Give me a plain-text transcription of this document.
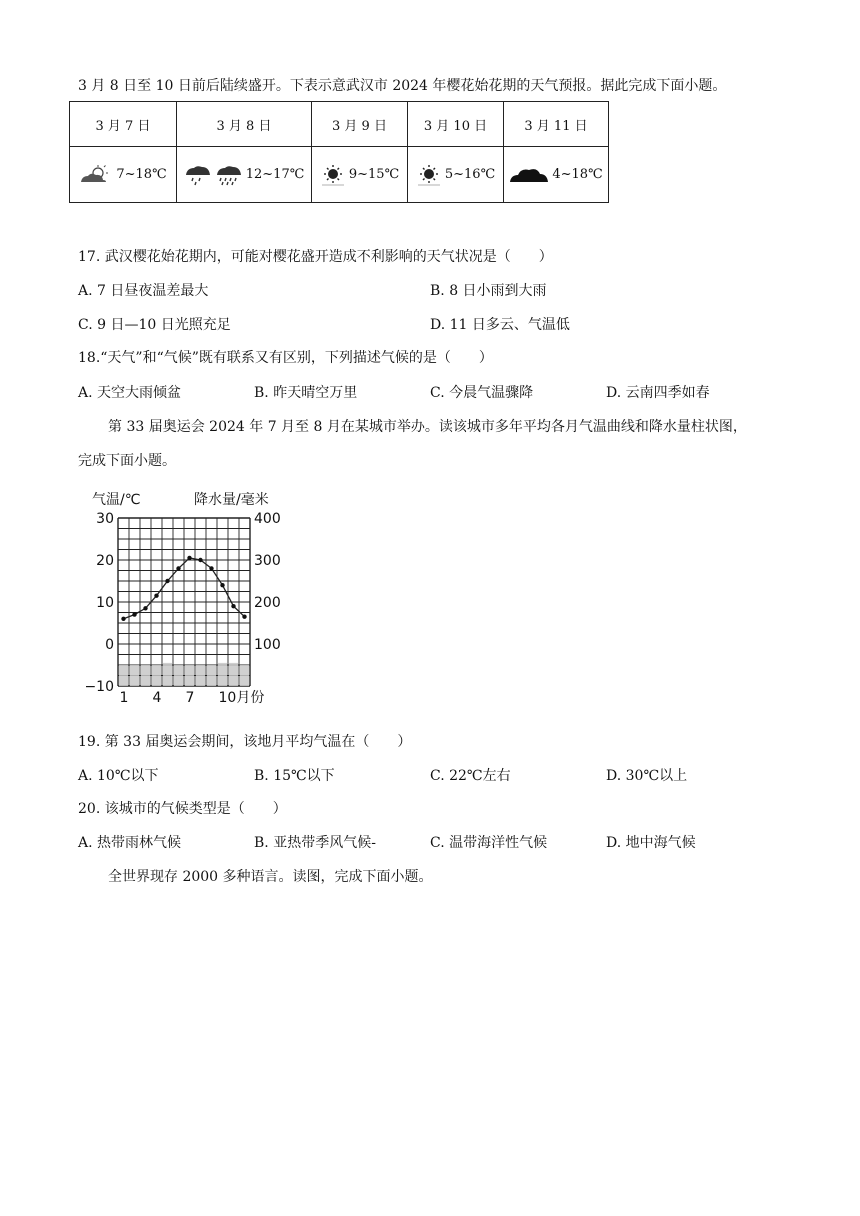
3 月 8 日至 10 日前后陆续盛开。下表示意武汉市 2024 年樱花始花期的天气预报。据此完成下面小题。
3 月 7 日	3 月 8 日	3 月 9 日	3 月 10 日	3 月 11 日

7~18℃	12~17℃	9~15℃	5~16℃	4~18℃
17. 武汉樱花始花期内，可能对樱花盛开造成不利影响的天气状况是（　　）
A. 7 日昼夜温差最大	B. 8 日小雨到大雨
C. 9 日—10 日光照充足	D. 11 日多云、气温低
18.“天气”和“气候”既有联系又有区别，下列描述气候的是（　　）
A. 天空大雨倾盆	B. 昨天晴空万里	C. 今晨气温骤降	D. 云南四季如春
第 33 届奥运会 2024 年 7 月至 8 月在某城市举办。读该城市多年平均各月气温曲线和降水量柱状图，
完成下面小题。
气温/℃	降水量/毫米
30
20
10
0
−10
400
300
200
100
1 4 7 10月份
19. 第 33 届奥运会期间，该地月平均气温在（　　）
A. 10℃以下	B. 15℃以下	C. 22℃左右	D. 30℃以上
20. 该城市的气候类型是（　　）
A. 热带雨林气候	B. 亚热带季风气候-	C. 温带海洋性气候	D. 地中海气候
全世界现存 2000 多种语言。读图，完成下面小题。
